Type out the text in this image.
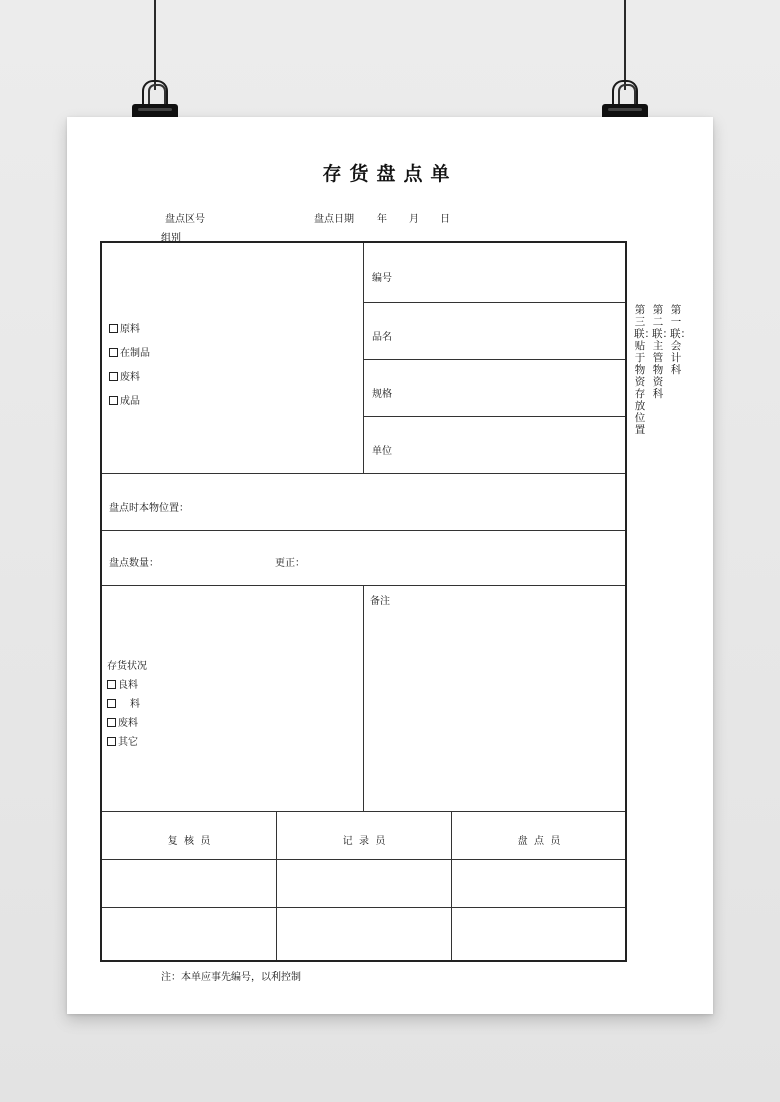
存货盘点单
盘点区号	盘点日期 年 月 日
组别
原料
在制品
废料
成品
编号
品名
规格
单位
盘点时本物位置：
盘点数量：	更正：
存货状况
良料
料
废料
其它
备注
复  核  员	记  录  员	盘  点  员
第一联：会计科
第二联：主管物资科
第三联：贴于物资存放位置
注：本单应事先编号，以利控制
